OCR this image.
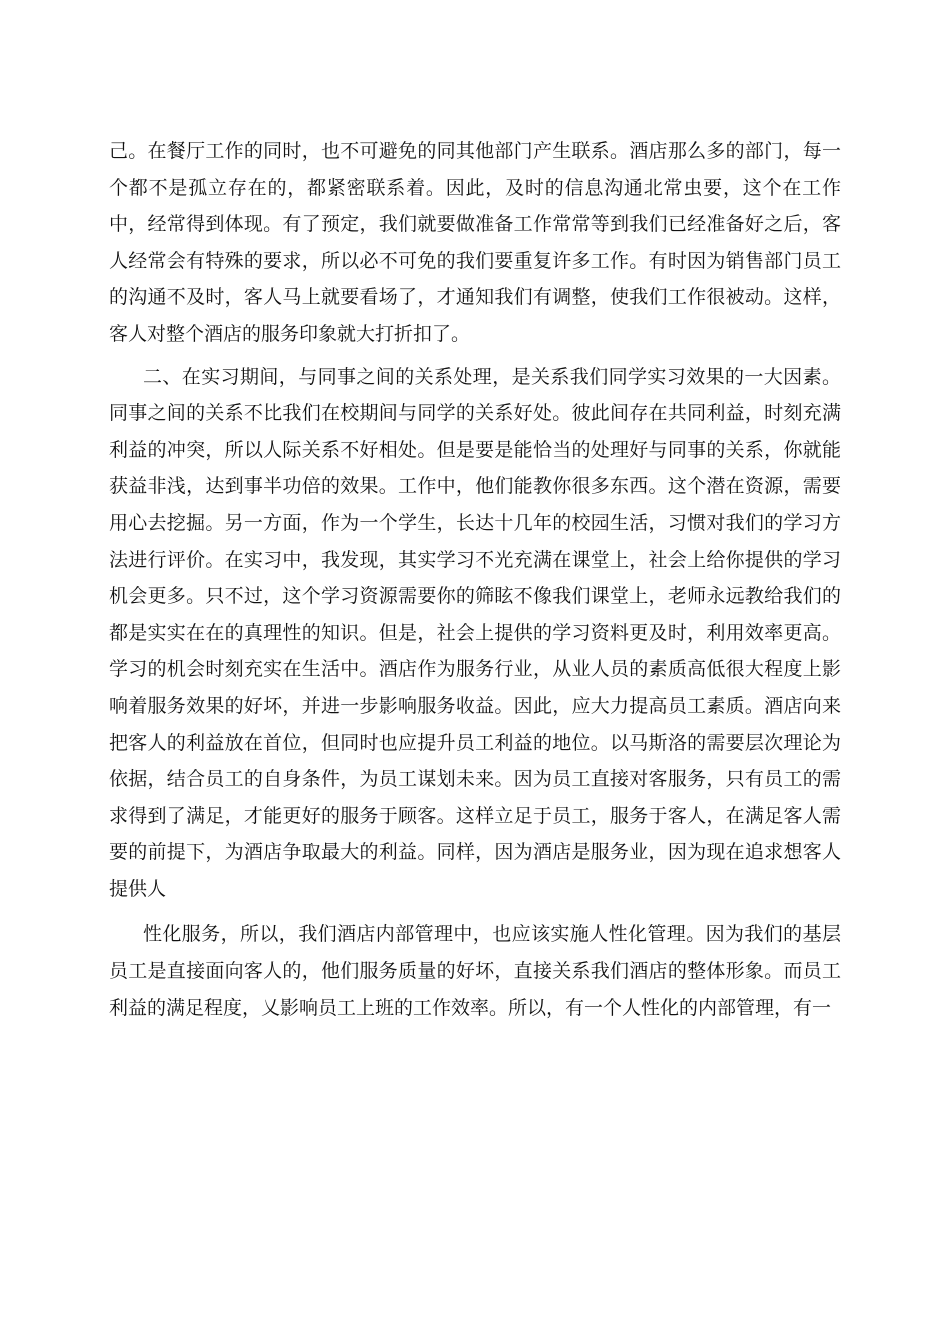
己。在餐厅工作的同时，也不可避免的同其他部门产生联系。酒店那么多的部门，每一个都不是孤立存在的，都紧密联系着。因此，及时的信息沟通北常虫要，这个在工作中，经常得到体现。有了预定，我们就要做准备工作常常等到我们已经准备好之后，客人经常会有特殊的要求，所以必不可免的我们要重复许多工作。有时因为销售部门员工的沟通不及时，客人马上就要看场了，才通知我们有调整，使我们工作很被动。这样，客人对整个酒店的服务印象就大打折扣了。

二、在实习期间，与同事之间的关系处理，是关系我们同学实习效果的一大因素。同事之间的关系不比我们在校期间与同学的关系好处。彼此间存在共同利益，时刻充满利益的冲突，所以人际关系不好相处。但是要是能恰当的处理好与同事的关系，你就能获益非浅，达到事半功倍的效果。工作中，他们能教你很多东西。这个潜在资源，需要用心去挖掘。另一方面，作为一个学生，长达十几年的校园生活，习惯对我们的学习方法进行评价。在实习中，我发现，其实学习不光充满在课堂上，社会上给你提供的学习机会更多。只不过，这个学习资源需要你的筛眩不像我们课堂上，老师永远教给我们的都是实实在在的真理性的知识。但是，社会上提供的学习资料更及时，利用效率更高。学习的机会时刻充实在生活中。酒店作为服务行业，从业人员的素质高低很大程度上影响着服务效果的好坏，并进一步影响服务收益。因此，应大力提高员工素质。酒店向来把客人的利益放在首位，但同时也应提升员工利益的地位。以马斯洛的需要层次理论为依据，结合员工的自身条件，为员工谋划未来。因为员工直接对客服务，只有员工的需求得到了满足，才能更好的服务于顾客。这样立足于员工，服务于客人，在满足客人需要的前提下，为酒店争取最大的利益。同样，因为酒店是服务业，因为现在追求想客人提供人

性化服务，所以，我们酒店内部管理中，也应该实施人性化管理。因为我们的基层员工是直接面向客人的，他们服务质量的好坏，直接关系我们酒店的整体形象。而员工利益的满足程度，乂影响员工上班的工作效率。所以，有一个人性化的内部管理，有一
